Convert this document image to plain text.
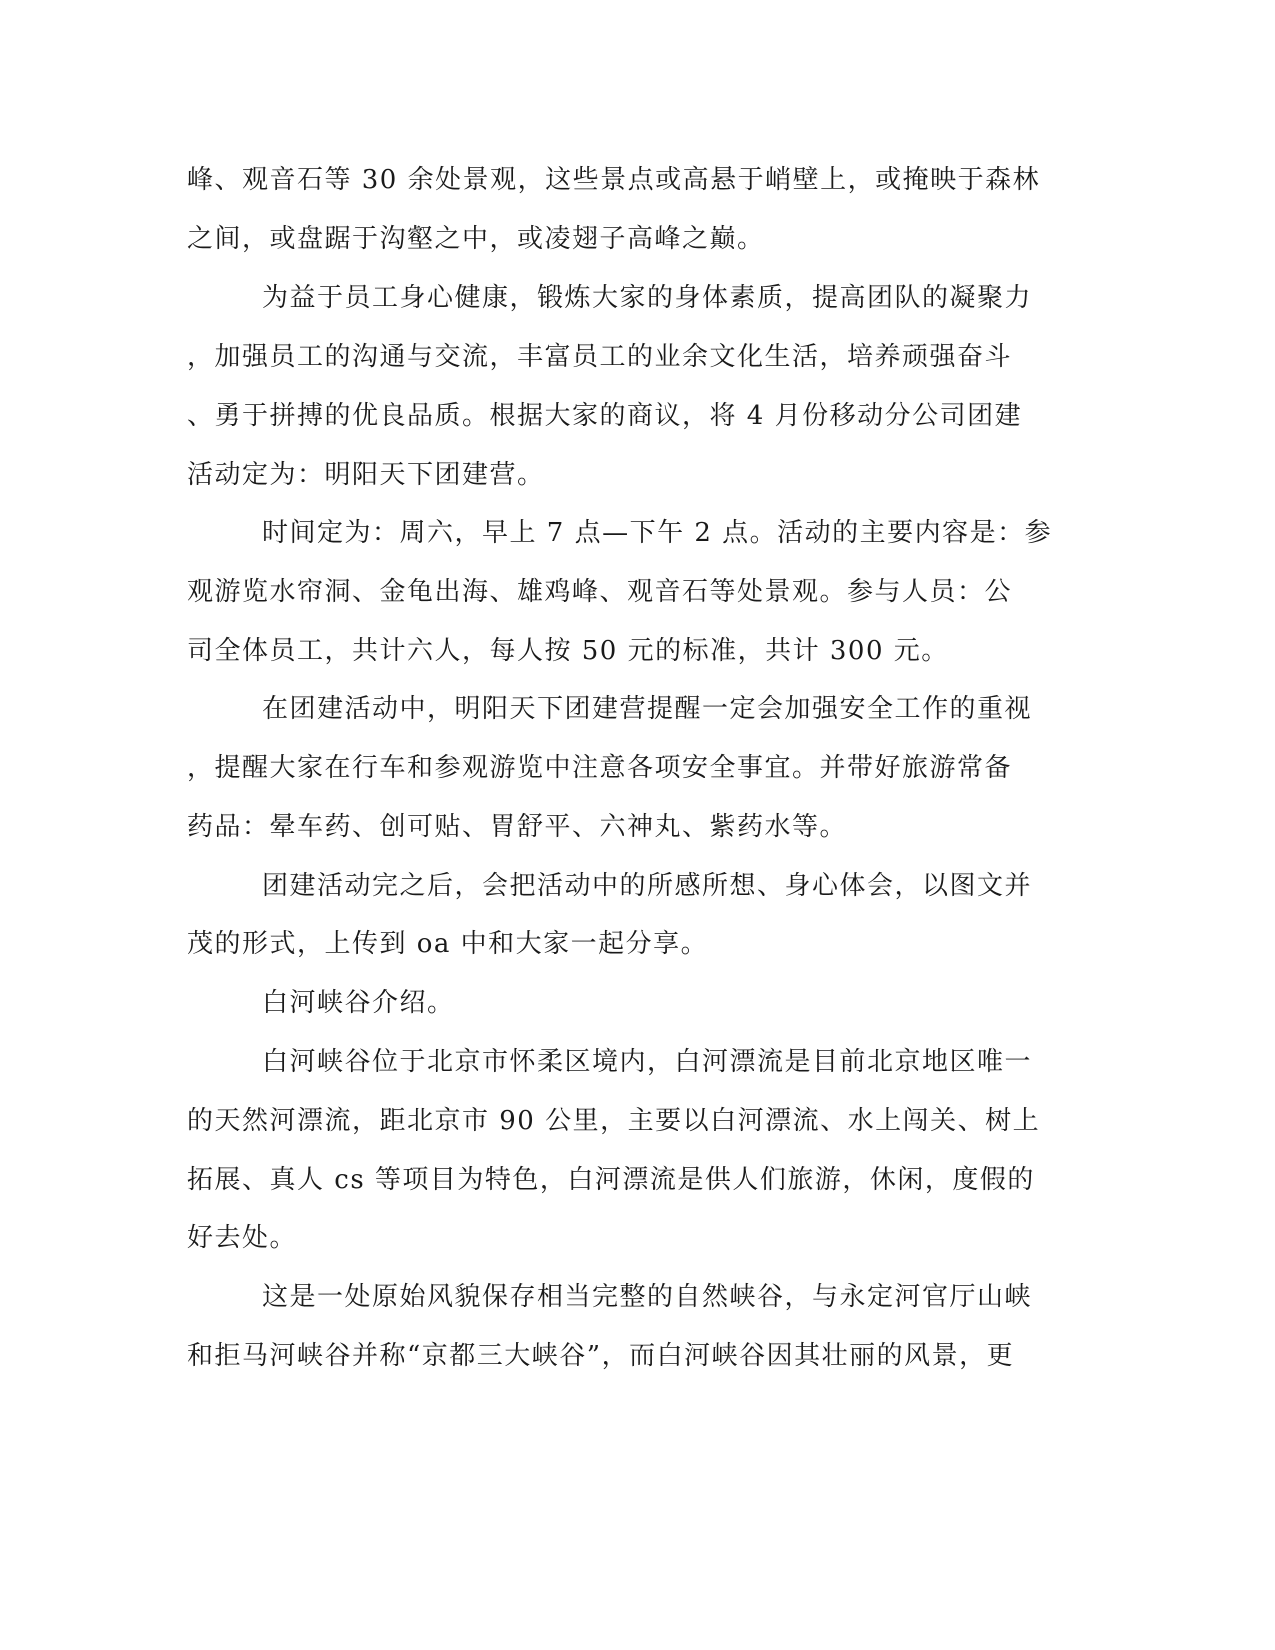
峰、观音石等 30 余处景观，这些景点或高悬于峭壁上，或掩映于森林
之间，或盘踞于沟壑之中，或凌翅子高峰之巅。
为益于员工身心健康，锻炼大家的身体素质，提高团队的凝聚力
，加强员工的沟通与交流，丰富员工的业余文化生活，培养顽强奋斗
、勇于拼搏的优良品质。根据大家的商议，将 4 月份移动分公司团建
活动定为：明阳天下团建营。
时间定为：周六，早上 7 点—下午 2 点。活动的主要内容是：参
观游览水帘洞、金龟出海、雄鸡峰、观音石等处景观。参与人员：公
司全体员工，共计六人，每人按 50 元的标准，共计 300 元。
在团建活动中，明阳天下团建营提醒一定会加强安全工作的重视
，提醒大家在行车和参观游览中注意各项安全事宜。并带好旅游常备
药品：晕车药、创可贴、胃舒平、六神丸、紫药水等。
团建活动完之后，会把活动中的所感所想、身心体会，以图文并
茂的形式，上传到 oa 中和大家一起分享。
白河峡谷介绍。
白河峡谷位于北京市怀柔区境内，白河漂流是目前北京地区唯一
的天然河漂流，距北京市 90 公里，主要以白河漂流、水上闯关、树上
拓展、真人 cs 等项目为特色，白河漂流是供人们旅游，休闲，度假的
好去处。
这是一处原始风貌保存相当完整的自然峡谷，与永定河官厅山峡
和拒马河峡谷并称“京都三大峡谷”，而白河峡谷因其壮丽的风景，更
